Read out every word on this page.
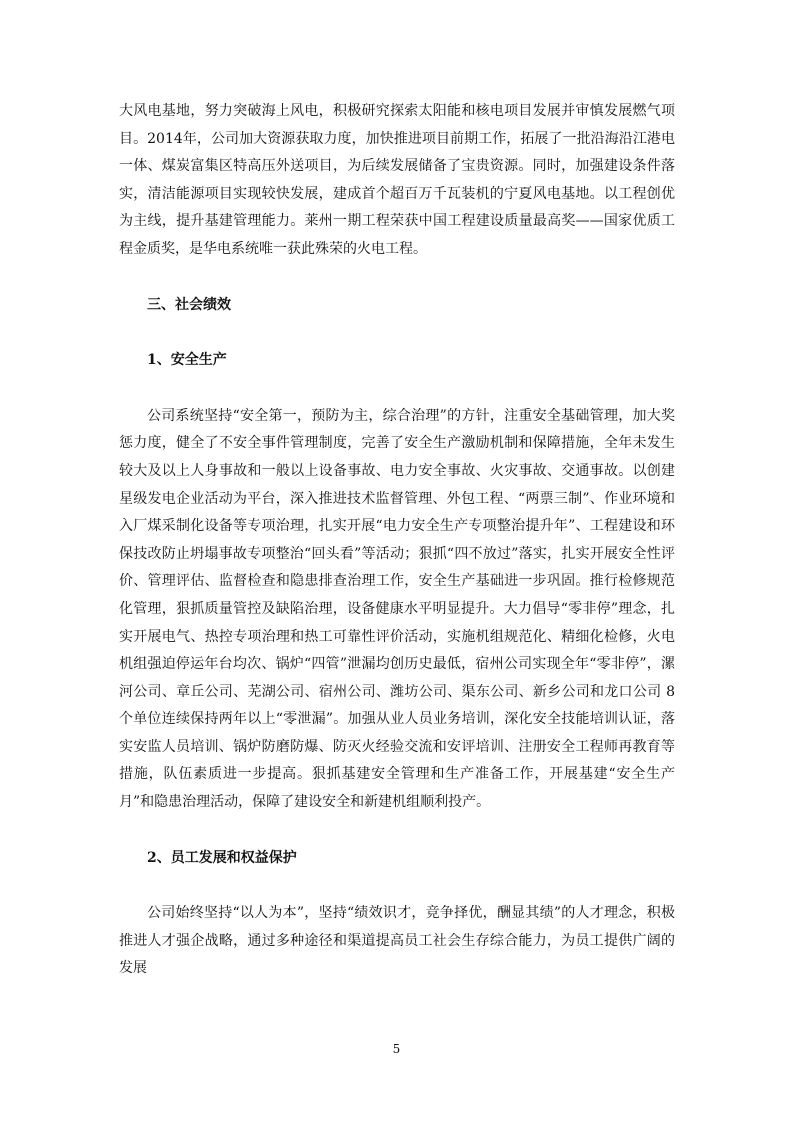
大风电基地，努力突破海上风电，积极研究探索太阳能和核电项目发展并审慎发展燃气项目。2014年，公司加大资源获取力度，加快推进项目前期工作，拓展了一批沿海沿江港电一体、煤炭富集区特高压外送项目，为后续发展储备了宝贵资源。同时，加强建设条件落实，清洁能源项目实现较快发展，建成首个超百万千瓦装机的宁夏风电基地。以工程创优为主线，提升基建管理能力。莱州一期工程荣获中国工程建设质量最高奖——国家优质工程金质奖，是华电系统唯一获此殊荣的火电工程。

三、社会绩效
1、安全生产

公司系统坚持“安全第一，预防为主，综合治理”的方针，注重安全基础管理，加大奖惩力度，健全了不安全事件管理制度，完善了安全生产激励机制和保障措施，全年未发生较大及以上人身事故和一般以上设备事故、电力安全事故、火灾事故、交通事故。以创建星级发电企业活动为平台，深入推进技术监督管理、外包工程、“两票三制”、作业环境和入厂煤采制化设备等专项治理，扎实开展“电力安全生产专项整治提升年”、工程建设和环保技改防止坍塌事故专项整治“回头看”等活动；狠抓“四不放过”落实，扎实开展安全性评价、管理评估、监督检查和隐患排查治理工作，安全生产基础进一步巩固。推行检修规范化管理，狠抓质量管控及缺陷治理，设备健康水平明显提升。大力倡导“零非停”理念，扎实开展电气、热控专项治理和热工可靠性评价活动，实施机组规范化、精细化检修，火电机组强迫停运年台均次、锅炉“四管”泄漏均创历史最低，宿州公司实现全年“零非停”，漯河公司、章丘公司、芜湖公司、宿州公司、潍坊公司、渠东公司、新乡公司和龙口公司 8 个单位连续保持两年以上“零泄漏”。加强从业人员业务培训，深化安全技能培训认证，落实安监人员培训、锅炉防磨防爆、防灭火经验交流和安评培训、注册安全工程师再教育等措施，队伍素质进一步提高。狠抓基建安全管理和生产准备工作，开展基建“安全生产月”和隐患治理活动，保障了建设安全和新建机组顺利投产。

2、员工发展和权益保护

公司始终坚持“以人为本”，坚持“绩效识才，竞争择优，酬显其绩”的人才理念，积极推进人才强企战略，通过多种途径和渠道提高员工社会生存综合能力，为员工提供广阔的发展

5
